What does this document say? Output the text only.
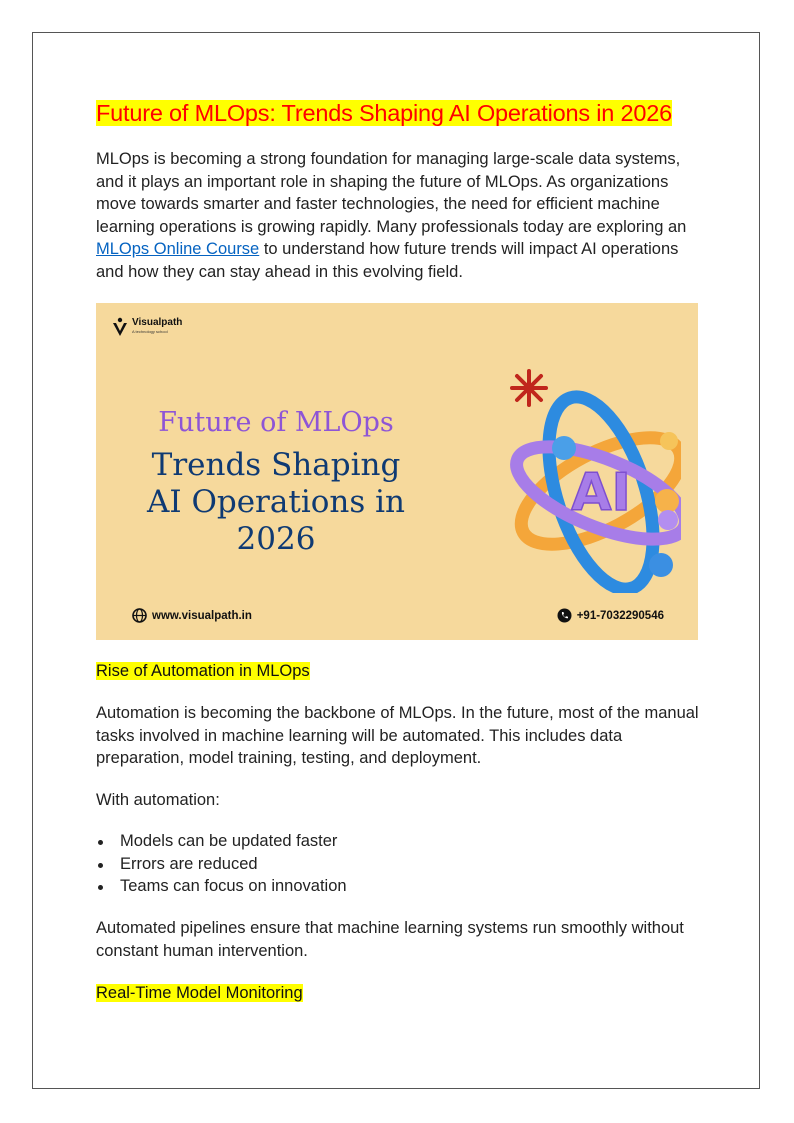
Future of MLOps: Trends Shaping AI Operations in 2026

MLOps is becoming a strong foundation for managing large-scale data systems, and it plays an important role in shaping the future of MLOps. As organizations move towards smarter and faster technologies, the need for efficient machine learning operations is growing rapidly. Many professionals today are exploring an MLOps Online Course to understand how future trends will impact AI operations and how they can stay ahead in this evolving field.

Visualpath
A technology school
Future of MLOps
Trends Shaping
AI Operations in
2026
AI
www.visualpath.in	+91-7032290546
Rise of Automation in MLOps

Automation is becoming the backbone of MLOps. In the future, most of the manual tasks involved in machine learning will be automated. This includes data preparation, model training, testing, and deployment.

With automation:

Models can be updated faster
Errors are reduced
Teams can focus on innovation

Automated pipelines ensure that machine learning systems run smoothly without constant human intervention.

Real-Time Model Monitoring
